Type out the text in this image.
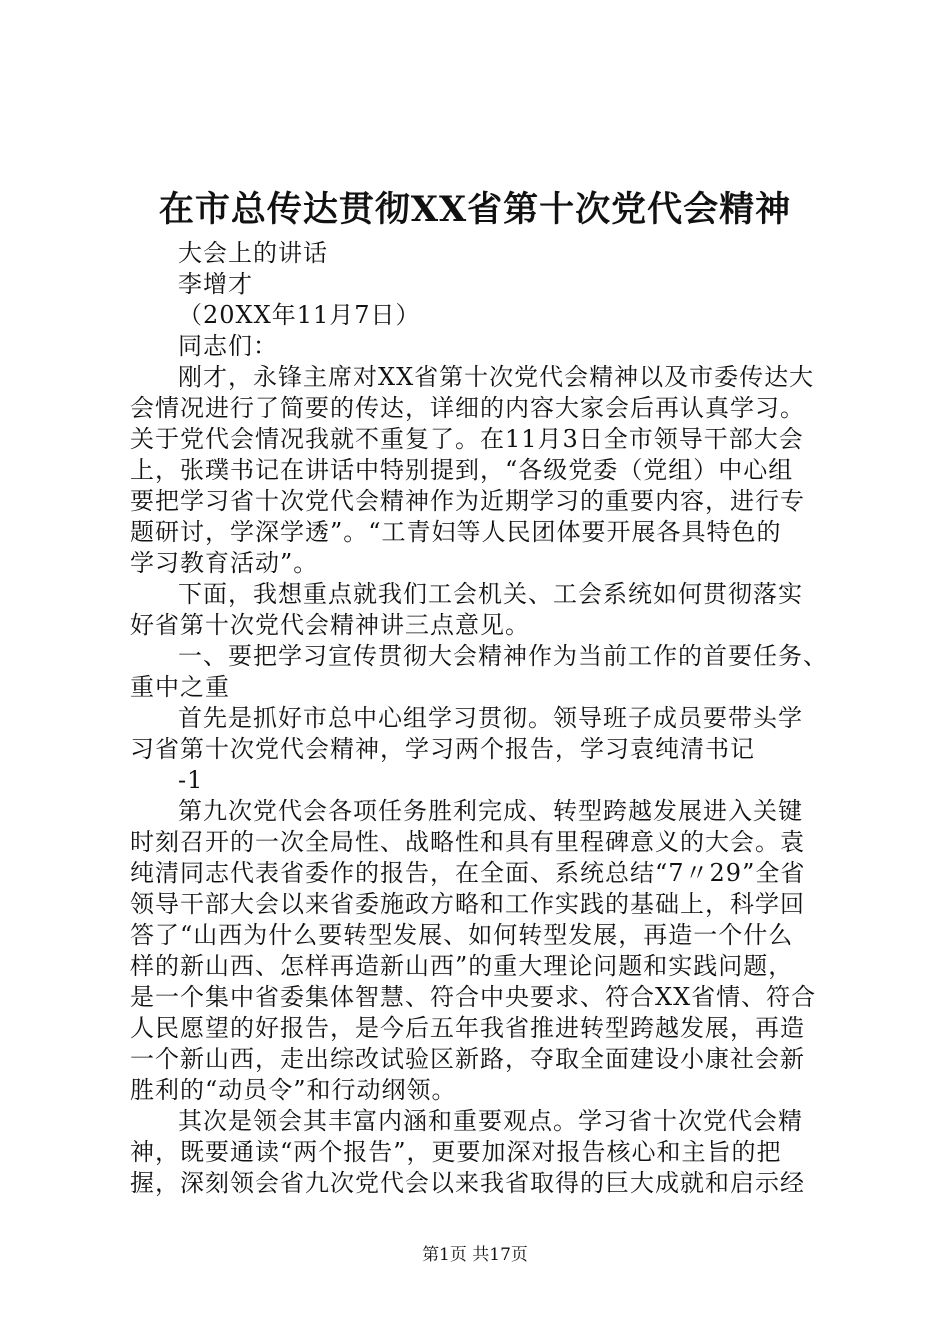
在市总传达贯彻XX省第十次党代会精神
大会上的讲话
李增才
（20XX年11月7日）
同志们：
刚才，永锋主席对XX省第十次党代会精神以及市委传达大
会情况进行了简要的传达，详细的内容大家会后再认真学习。
关于党代会情况我就不重复了。在11月3日全市领导干部大会
上，张璞书记在讲话中特别提到，“各级党委（党组）中心组
要把学习省十次党代会精神作为近期学习的重要内容，进行专
题研讨，学深学透”。“工青妇等人民团体要开展各具特色的
学习教育活动”。
下面，我想重点就我们工会机关、工会系统如何贯彻落实
好省第十次党代会精神讲三点意见。
一、要把学习宣传贯彻大会精神作为当前工作的首要任务、
重中之重
首先是抓好市总中心组学习贯彻。领导班子成员要带头学
习省第十次党代会精神，学习两个报告，学习袁纯清书记
-1
第九次党代会各项任务胜利完成、转型跨越发展进入关键
时刻召开的一次全局性、战略性和具有里程碑意义的大会。袁
纯清同志代表省委作的报告，在全面、系统总结“7〃29”全省
领导干部大会以来省委施政方略和工作实践的基础上，科学回
答了“山西为什么要转型发展、如何转型发展，再造一个什么
样的新山西、怎样再造新山西”的重大理论问题和实践问题，
是一个集中省委集体智慧、符合中央要求、符合XX省情、符合
人民愿望的好报告，是今后五年我省推进转型跨越发展，再造
一个新山西，走出综改试验区新路，夺取全面建设小康社会新
胜利的“动员令”和行动纲领。
其次是领会其丰富内涵和重要观点。学习省十次党代会精
神，既要通读“两个报告”，更要加深对报告核心和主旨的把
握，深刻领会省九次党代会以来我省取得的巨大成就和启示经
第1页 共17页
